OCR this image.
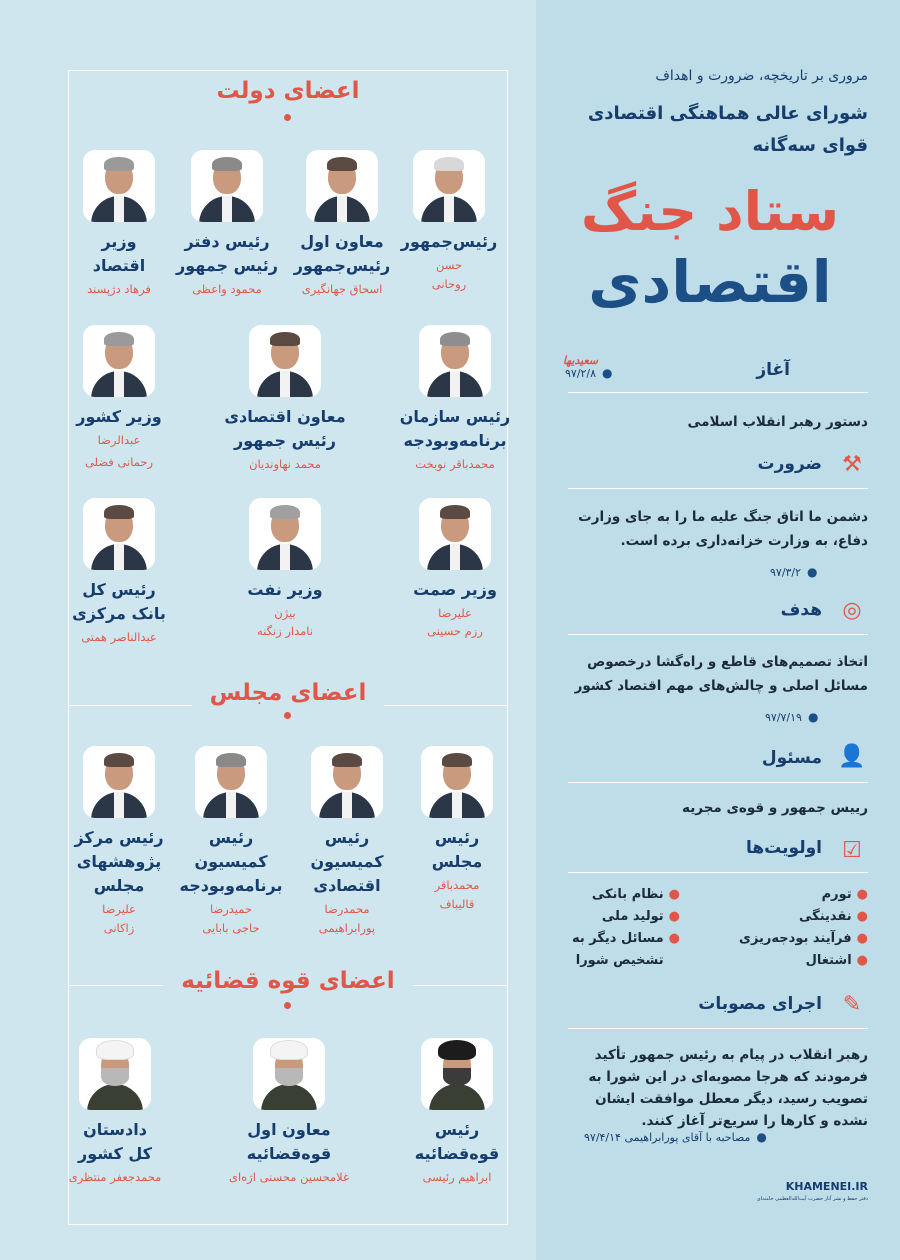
اعضای دولت
رئیس‌جمهور
حسن
روحانی
معاون اول
رئیس‌جمهور
اسحاق جهانگیری
رئیس دفتر
رئیس جمهور
محمود واعظی
وزیر
اقتصاد
فرهاد دژپسند
رئیس سازمان
برنامه‌وبودجه
محمدباقر نوبخت
معاون اقتصادی
رئیس جمهور
محمد نهاوندیان
وزیر کشور
عبدالرضا
رحمانی فضلی
وزیر صمت
علیرضا
رزم حسینی
وزیر نفت
بیژن
نامدار زنگنه
رئیس کل
بانک مرکزی
عبدالناصر همتی
اعضای مجلس
رئیس
مجلس
محمدباقر
قالیباف
رئیس
کمیسیون
اقتصادی
محمدرضا
پورابراهیمی
رئیس
کمیسیون
برنامه‌وبودجه
حمیدرضا
حاجی بابایی
رئیس مرکز
پژوهشهای
مجلس
علیرضا
زاکانی
اعضای قوه قضائیه
رئیس
قوه‌قضائیه
ابراهیم رئیسی
معاون اول
قوه‌قضائیه
غلامحسین محسنی اژه‌ای
دادستان
کل کشور
محمدجعفر منتظری
مروری بر تاریخچه، ضرورت و اهداف
شورای عالی هماهنگی اقتصادی
قوای سه‌گانه
ستاد جنگ
اقتصادی
سعیدیها	آغاز
●۹۷/۲/۸
دستور رهبر انقلاب اسلامی
⚒
ضرورت
دشمن ما اتاق جنگ علیه ما را به جای وزارت دفاع، به وزارت خزانه‌داری برده است.
●۹۷/۳/۲
◎
هدف
اتخاذ تصمیم‌های قاطع و راه‌گشا درخصوص مسائل اصلی و چالش‌های مهم اقتصاد کشور
●۹۷/۷/۱۹
👤
مسئول
رییس جمهور و قوه‌ی مجریه
☑
اولویت‌ها
●تورم
●نقدینگی
●فرآیند بودجه‌ریزی
●اشتغال
●نظام بانکی
●تولید ملی
●مسائل دیگر به
تشخیص شورا
✎
اجرای مصوبات
رهبر انقلاب در پیام به رئیس جمهور تأکید فرمودند که هرجا مصوبه‌ای در این شورا به تصویب رسید، دیگر معطل موافقت ایشان نشده و کارها را سریع‌تر آغاز کنند.
●مصاحبه با آقای پورابراهیمی ۹۷/۴/۱۴
KHAMENEI.IR
دفتر حفظ و نشر آثار حضرت آیت‌الله‌العظمی خامنه‌ای
